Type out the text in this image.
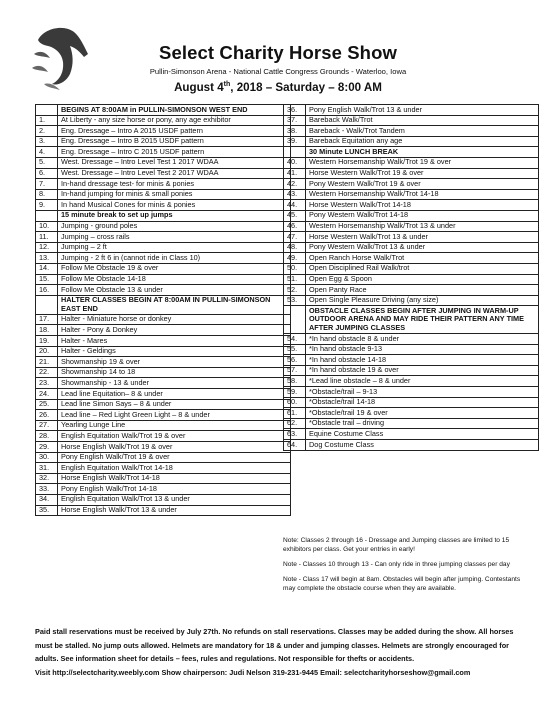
Select Charity Horse Show
Pullin-Simonson Arena - National Cattle Congress Grounds - Waterloo, Iowa
August 4th, 2018 – Saturday – 8:00 AM
	BEGINS AT 8:00AM in PULLIN-SIMONSON WEST END
1.	At Liberty - any size horse or pony, any age exhibitor
2.	Eng. Dressage – Intro A 2015 USDF pattern
3.	Eng. Dressage – Intro B 2015 USDF pattern
4.	Eng. Dressage – Intro C 2015 USDF pattern
5.	West. Dressage – Intro Level Test 1 2017 WDAA
6.	West. Dressage – Intro Level Test 2 2017 WDAA
7.	In-hand dressage test- for minis & ponies
8.	In-hand jumping for minis & small ponies
9.	In hand Musical Cones for minis & ponies
	15 minute break to set up jumps
10.	Jumping - ground poles
11.	Jumping – cross rails
12.	Jumping – 2 ft
13.	Jumping - 2 ft 6 in (cannot ride in Class 10)
14.	Follow Me Obstacle 19 & over
15.	Follow Me Obstacle 14-18
16.	Follow Me Obstacle 13 & under
	HALTER CLASSES BEGIN AT 8:00AM IN PULLIN-SIMONSON EAST END
17.	Halter - Miniature horse or donkey
18.	Halter - Pony & Donkey
19.	Halter - Mares
20.	Halter - Geldings
21.	Showmanship 19 & over
22.	Showmanship 14 to 18
23.	Showmanship - 13 & under
24.	Lead line Equitation– 8 & under
25.	Lead line Simon Says – 8 & under
26.	Lead line – Red Light Green Light – 8 & under
27.	Yearling Lunge Line
28.	English Equitation Walk/Trot 19 & over
29.	Horse English Walk/Trot 19 & over
30.	Pony English Walk/Trot 19 & over
31.	English Equitation Walk/Trot 14-18
32.	Horse English Walk/Trot 14-18
33.	Pony English Walk/Trot 14-18
34.	English Equitation Walk/Trot 13 & under
35.	Horse English Walk/Trot 13 & under
36.	Pony English Walk/Trot 13 & under
37.	Bareback Walk/Trot
38.	Bareback - Walk/Trot Tandem
39.	Bareback Equitation any age
	30 Minute LUNCH BREAK
40.	Western Horsemanship Walk/Trot 19 & over
41.	Horse Western Walk/Trot 19 & over
42.	Pony Western Walk/Trot 19 & over
43.	Western Horsemanship Walk/Trot 14-18
44.	Horse Western Walk/Trot 14-18
45.	Pony Western Walk/Trot 14-18
46.	Western Horsemanship Walk/Trot 13 & under
47.	Horse Western Walk/Trot 13 & under
48.	Pony Western Walk/Trot 13 & under
49.	Open Ranch Horse Walk/Trot
50.	Open Disciplined Rail Walk/trot
51.	Open Egg & Spoon
52.	Open Panty Race
53.	Open Single Pleasure Driving (any size)
	OBSTACLE CLASSES BEGIN AFTER JUMPING IN WARM-UP OUTDOOR ARENA AND MAY RIDE THEIR PATTERN ANY TIME AFTER JUMPING CLASSES
54.	*In hand obstacle 8 & under
55.	*In hand obstacle 9-13
56.	*In hand obstacle 14-18
57.	*In hand obstacle 19 & over
58.	*Lead line obstacle – 8 & under
59.	*Obstacle/trail – 9-13
60.	*Obstacle/trail 14-18
61.	*Obstacle/trail 19 & over
62.	*Obstacle trail – driving
63.	Equine Costume Class
64.	Dog Costume Class

Note: Classes 2 through 16 - Dressage and Jumping classes are limited to 15 exhibitors per class. Get your entries in early!

Note - Classes 10 through 13 - Can only ride in three jumping classes per day

Note - Class 17 will begin at 8am. Obstacles will begin after jumping. Contestants may complete the obstacle course when they are available.

Paid stall reservations must be received by July 27th. No refunds on stall reservations. Classes may be added during the show. All horses must be stalled. No jump outs allowed. Helmets are mandatory for 18 & under and jumping classes. Helmets are strongly encouraged for adults. See information sheet for details – fees, rules and regulations. Not responsible for thefts or accidents.

Visit http://selectcharity.weebly.com Show chairperson: Judi Nelson 319-231-9445 Email: selectcharityhorseshow@gmail.com
